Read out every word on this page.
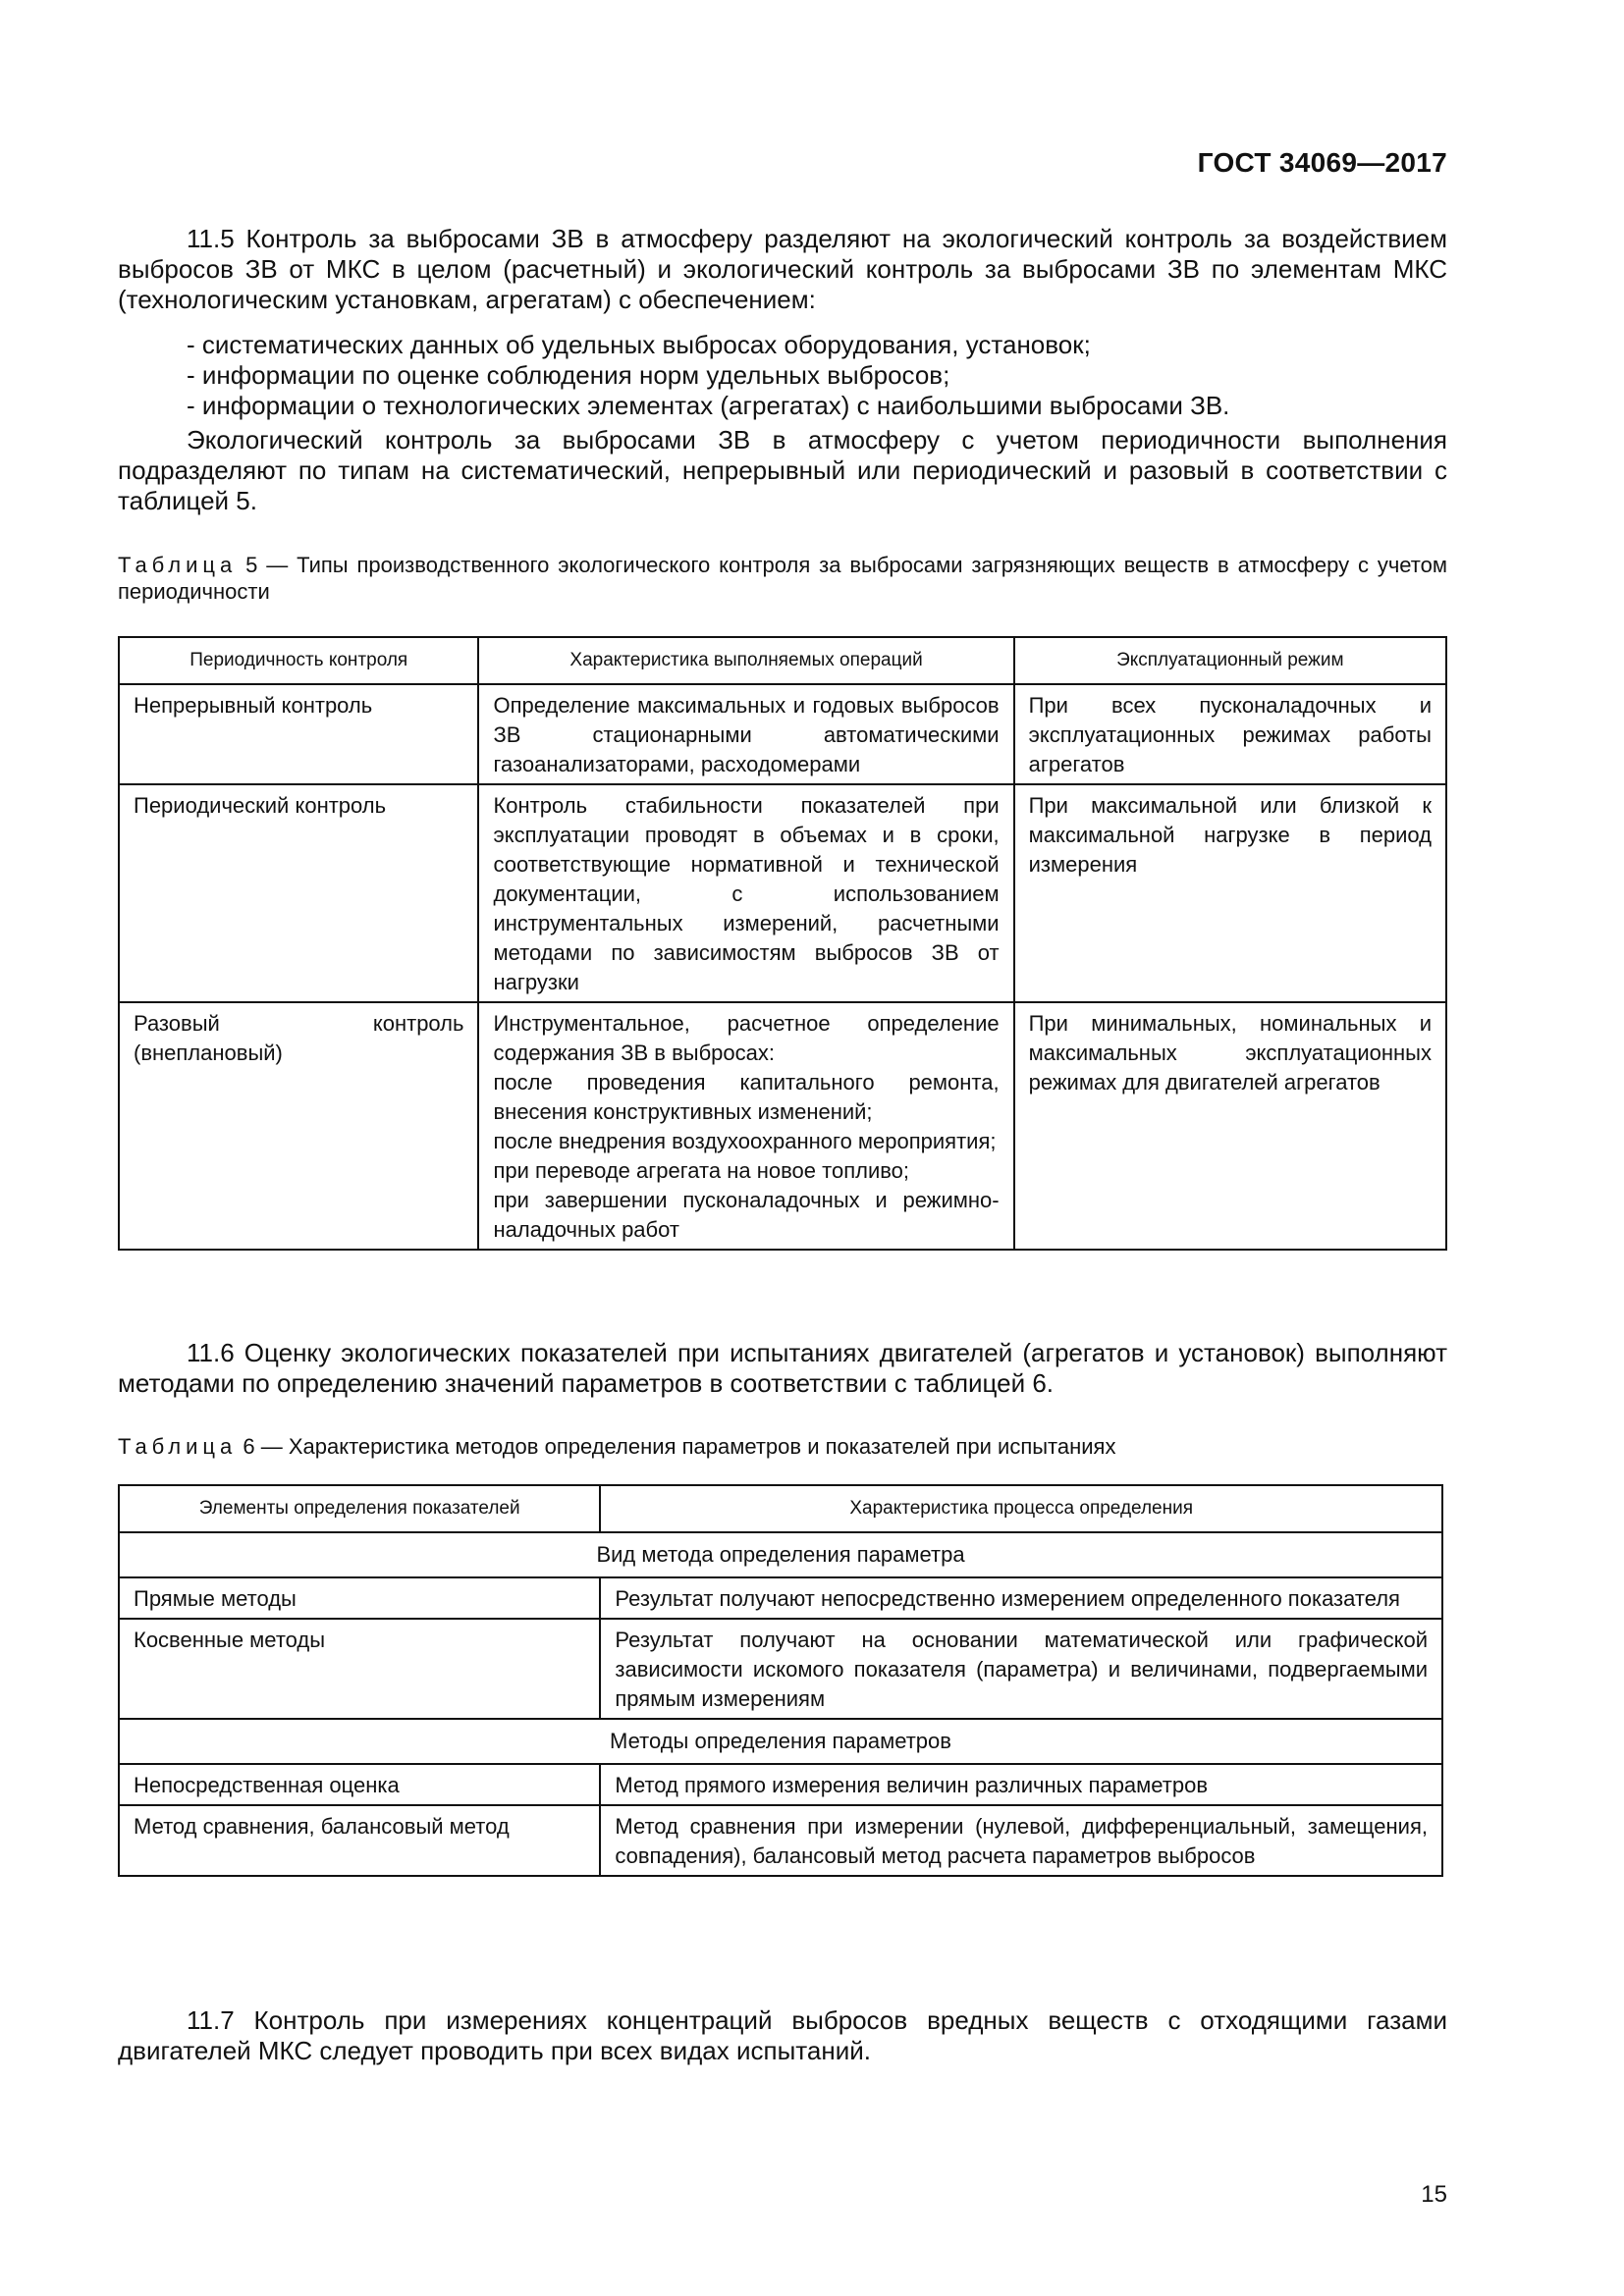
ГОСТ 34069—2017

11.5 Контроль за выбросами ЗВ в атмосферу разделяют на экологический контроль за воздействием выбросов ЗВ от МКС в целом (расчетный) и экологический контроль за выбросами ЗВ по элементам МКС (технологическим установкам, агрегатам) с обеспечением:

- систематических данных об удельных выбросах оборудования, установок;

- информации по оценке соблюдения норм удельных выбросов;

- информации о технологических элементах (агрегатах) с наибольшими выбросами ЗВ.

Экологический контроль за выбросами ЗВ в атмосферу с учетом периодичности выполнения подразделяют по типам на систематический, непрерывный или периодический и разовый в соответствии с таблицей 5.

Таблица 5 — Типы производственного экологического контроля за выбросами загрязняющих веществ в атмосферу с учетом периодичности

Периодичность контроля	Характеристика выполняемых операций	Эксплуатационный режим
Непрерывный контроль	Определение максимальных и годовых выбросов ЗВ стационарными автоматическими газоанализаторами, расходомерами	При всех пусконаладочных и эксплуатационных режимах работы агрегатов
Периодический контроль	Контроль стабильности показателей при эксплуатации проводят в объемах и в сроки, соответствующие нормативной и технической документации, с использованием инструментальных измерений, расчетными методами по зависимостям выбросов ЗВ от нагрузки	При максимальной или близкой к максимальной нагрузке в период измерения
Разовый контроль (внеплановый)	Инструментальное, расчетное определение содержания ЗВ в выбросах:
после проведения капитального ремонта, внесения конструктивных изменений;
после внедрения воздухоохранного мероприятия;
при переводе агрегата на новое топливо;
при завершении пусконаладочных и режимно-наладочных работ	При минимальных, номинальных и максимальных эксплуатационных режимах для двигателей агрегатов

11.6 Оценку экологических показателей при испытаниях двигателей (агрегатов и установок) выполняют методами по определению значений параметров в соответствии с таблицей 6.

Таблица 6 — Характеристика методов определения параметров и показателей при испытаниях

Элементы определения показателей	Характеристика процесса определения
Вид метода определения параметра	
Прямые методы	Результат получают непосредственно измерением определенного показателя
Косвенные методы	Результат получают на основании математической или графической зависимости искомого показателя (параметра) и величинами, подвергаемыми прямым измерениям
Методы определения параметров	
Непосредственная оценка	Метод прямого измерения величин различных параметров
Метод сравнения, балансовый метод	Метод сравнения при измерении (нулевой, дифференциальный, замещения, совпадения), балансовый метод расчета параметров выбросов

11.7 Контроль при измерениях концентраций выбросов вредных веществ с отходящими газами двигателей МКС следует проводить при всех видах испытаний.

15
